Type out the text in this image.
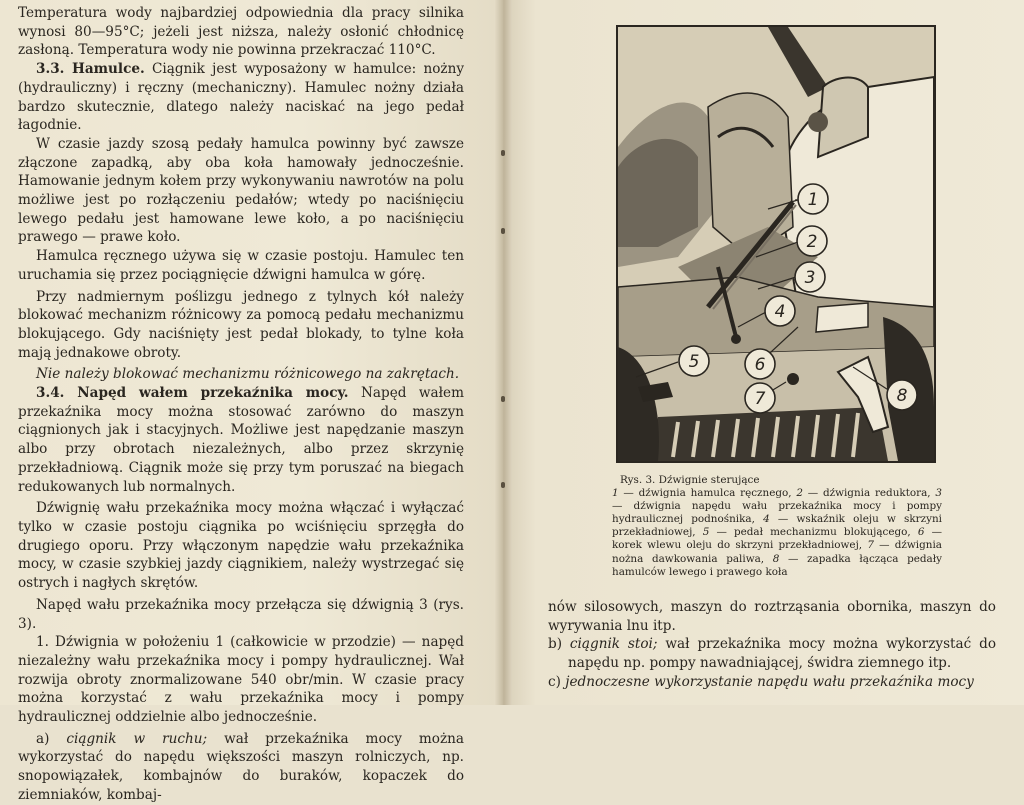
Temperatura wody najbardziej odpowiednia dla pracy silnika wynosi 80—95°C; jeżeli jest niższa, należy osłonić chłodnicę zasłoną. Temperatura wody nie powinna przekraczać 110°C.

3.3. Hamulce. Ciągnik jest wyposażony w hamulce: nożny (hydrauliczny) i ręczny (mechaniczny). Hamulec nożny działa bardzo skutecznie, dlatego należy naciskać na jego pedał łagodnie.

W czasie jazdy szosą pedały hamulca powinny być zawsze złączone zapadką, aby oba koła hamowały jednocześnie. Hamowanie jednym kołem przy wykonywaniu nawrotów na polu możliwe jest po rozłączeniu pedałów; wtedy po naciśnięciu lewego pedału jest hamowane lewe koło, a po naciśnięciu prawego — prawe koło.

Hamulca ręcznego używa się w czasie postoju. Hamulec ten uruchamia się przez pociągnięcie dźwigni hamulca w górę.

Przy nadmiernym poślizgu jednego z tylnych kół należy blokować mechanizm różnicowy za pomocą pedału mechanizmu blokującego. Gdy naciśnięty jest pedał blokady, to tylne koła mają jednakowe obroty.

Nie należy blokować mechanizmu różnicowego na zakrętach.

3.4. Napęd wałem przekaźnika mocy. Napęd wałem przekaźnika mocy można stosować zarówno do maszyn ciągnionych jak i stacyjnych. Możliwe jest napędzanie maszyn albo przy obrotach niezależnych, albo przez skrzynię przekładniową. Ciągnik może się przy tym poruszać na biegach redukowanych lub normalnych.

Dźwignię wału przekaźnika mocy można włączać i wyłączać tylko w czasie postoju ciągnika po wciśnięciu sprzęgła do drugiego oporu. Przy włączonym napędzie wału przekaźnika mocy, w czasie szybkiej jazdy ciągnikiem, należy wystrzegać się ostrych i nagłych skrętów.

Napęd wału przekaźnika mocy przełącza się dźwignią 3 (rys. 3).

1. Dźwignia w położeniu 1 (całkowicie w przodzie) — napęd niezależny wału przekaźnika mocy i pompy hydraulicznej. Wał rozwija obroty znormalizowane 540 obr/min. W czasie pracy można korzystać z wału przekaźnika mocy i pompy hydraulicznej oddzielnie albo jednocześnie.

a) ciągnik w ruchu; wał przekaźnika mocy można wykorzystać do napędu większości maszyn rolniczych, np. snopowiązałek, kombajnów do buraków, kopaczek do ziemniaków, kombaj-

1
2
3
4
5	6
7	8
Rys. 3. Dźwignie sterujące
1 — dźwignia hamulca ręcznego, 2 — dźwignia reduktora, 3 — dźwignia napędu wału przekaźnika mocy i pompy hydraulicznej podnośnika, 4 — wskaźnik oleju w skrzyni przekładniowej, 5 — pedał mechanizmu blokującego, 6 — korek wlewu oleju do skrzyni przekładniowej, 7 — dźwignia nożna dawkowania paliwa, 8 — zapadka łącząca pedały hamulców lewego i prawego koła

nów silosowych, maszyn do roztrząsania obornika, maszyn do wyrywania lnu itp.

b) ciągnik stoi; wał przekaźnika mocy można wykorzystać do napędu np. pompy nawadniającej, świdra ziemnego itp.

c) jednoczesne wykorzystanie napędu wału przekaźnika mocy
